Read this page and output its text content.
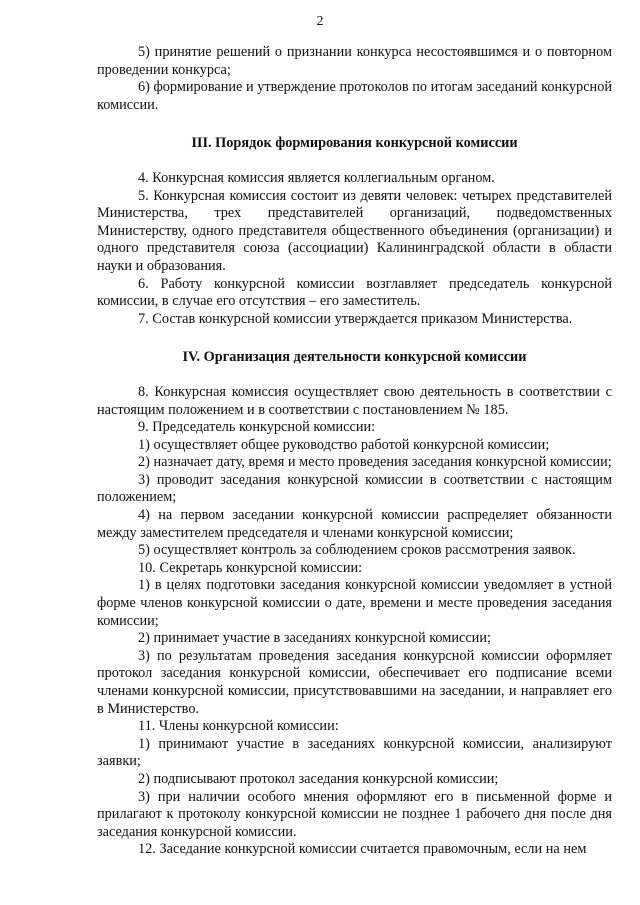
2

5) принятие решений о признании конкурса несостоявшимся и о повторном проведении конкурса;

6) формирование и утверждение протоколов по итогам заседаний конкурсной комиссии.

III. Порядок формирования конкурсной комиссии

4. Конкурсная комиссия является коллегиальным органом.

5. Конкурсная комиссия состоит из девяти человек: четырех представителей Министерства, трех представителей организаций, подведомственных Министерству, одного представителя общественного объединения (организации) и одного представителя союза (ассоциации) Калининградской области в области науки и образования.

6. Работу конкурсной комиссии возглавляет председатель конкурсной комиссии, в случае его отсутствия – его заместитель.

7. Состав конкурсной комиссии утверждается приказом Министерства.

IV. Организация деятельности конкурсной комиссии

8. Конкурсная комиссия осуществляет свою деятельность в соответствии с настоящим положением и в соответствии с постановлением № 185.

9. Председатель конкурсной комиссии:

1) осуществляет общее руководство работой конкурсной комиссии;

2) назначает дату, время и место проведения заседания конкурсной комиссии;

3) проводит заседания конкурсной комиссии в соответствии с настоящим положением;

4) на первом заседании конкурсной комиссии распределяет обязанности между заместителем председателя и членами конкурсной комиссии;

5) осуществляет контроль за соблюдением сроков рассмотрения заявок.

10. Секретарь конкурсной комиссии:

1) в целях подготовки заседания конкурсной комиссии уведомляет в устной форме членов конкурсной комиссии о дате, времени и месте проведения заседания комиссии;

2) принимает участие в заседаниях конкурсной комиссии;

3) по результатам проведения заседания конкурсной комиссии оформляет протокол заседания конкурсной комиссии, обеспечивает его подписание всеми членами конкурсной комиссии, присутствовавшими на заседании, и направляет его в Министерство.

11. Члены конкурсной комиссии:

1) принимают участие в заседаниях конкурсной комиссии, анализируют заявки;

2) подписывают протокол заседания конкурсной комиссии;

3) при наличии особого мнения оформляют его в письменной форме и прилагают к протоколу конкурсной комиссии не позднее 1 рабочего дня после дня заседания конкурсной комиссии.

12. Заседание конкурсной комиссии считается правомочным, если на нем
